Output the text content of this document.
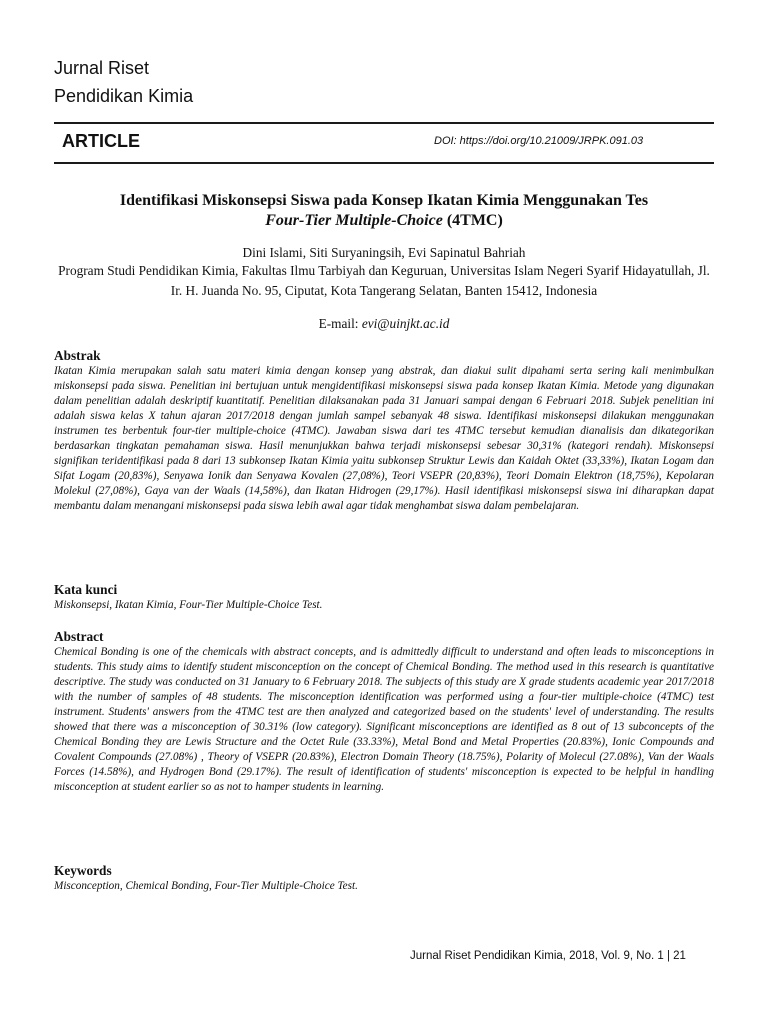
Jurnal Riset
Pendidikan Kimia
ARTICLE	DOI: https://doi.org/10.21009/JRPK.091.03
Identifikasi Miskonsepsi Siswa pada Konsep Ikatan Kimia Menggunakan Tes
Four-Tier Multiple-Choice (4TMC)
Dini Islami, Siti Suryaningsih, Evi Sapinatul Bahriah
Program Studi Pendidikan Kimia, Fakultas Ilmu Tarbiyah dan Keguruan, Universitas Islam Negeri Syarif Hidayatullah, Jl. Ir. H. Juanda No. 95, Ciputat, Kota Tangerang Selatan, Banten 15412, Indonesia
E-mail: evi@uinjkt.ac.id
Abstrak

Ikatan Kimia merupakan salah satu materi kimia dengan konsep yang abstrak, dan diakui sulit dipahami serta sering kali menimbulkan miskonsepsi pada siswa. Penelitian ini bertujuan untuk mengidentifikasi miskonsepsi siswa pada konsep Ikatan Kimia. Metode yang digunakan dalam penelitian adalah deskriptif kuantitatif. Penelitian dilaksanakan pada 31 Januari sampai dengan 6 Februari 2018. Subjek penelitian ini adalah siswa kelas X tahun ajaran 2017/2018 dengan jumlah sampel sebanyak 48 siswa. Identifikasi miskonsepsi dilakukan menggunakan instrumen tes berbentuk four-tier multiple-choice (4TMC). Jawaban siswa dari tes 4TMC tersebut kemudian dianalisis dan dikategorikan berdasarkan tingkatan pemahaman siswa. Hasil menunjukkan bahwa terjadi miskonsepsi sebesar 30,31% (kategori rendah). Miskonsepsi signifikan teridentifikasi pada 8 dari 13 subkonsep Ikatan Kimia yaitu subkonsep Struktur Lewis dan Kaidah Oktet (33,33%), Ikatan Logam dan Sifat Logam (20,83%), Senyawa Ionik dan Senyawa Kovalen (27,08%), Teori VSEPR (20,83%), Teori Domain Elektron (18,75%), Kepolaran Molekul (27,08%), Gaya van der Waals (14,58%), dan Ikatan Hidrogen (29,17%). Hasil identifikasi miskonsepsi siswa ini diharapkan dapat membantu dalam menangani miskonsepsi pada siswa lebih awal agar tidak menghambat siswa dalam pembelajaran.

Kata kunci

Miskonsepsi, Ikatan Kimia, Four-Tier Multiple-Choice Test.

Abstract

Chemical Bonding is one of the chemicals with abstract concepts, and is admittedly difficult to understand and often leads to misconceptions in students. This study aims to identify student misconception on the concept of Chemical Bonding. The method used in this research is quantitative descriptive. The study was conducted on 31 January to 6 February 2018. The subjects of this study are X grade students academic year 2017/2018 with the number of samples of 48 students. The misconception identification was performed using a four-tier multiple-choice (4TMC) test instrument. Students' answers from the 4TMC test are then analyzed and categorized based on the students' level of understanding. The results showed that there was a misconception of 30.31% (low category). Significant misconceptions are identified as 8 out of 13 subconcepts of the Chemical Bonding they are Lewis Structure and the Octet Rule (33.33%), Metal Bond and Metal Properties (20.83%), Ionic Compounds and Covalent Compounds (27.08%) , Theory of VSEPR (20.83%), Electron Domain Theory (18.75%), Polarity of Molecul (27.08%), Van der Waals Forces (14.58%), and Hydrogen Bond (29.17%). The result of identification of students' misconception is expected to be helpful in handling misconception at student earlier so as not to hamper students in learning.

Keywords

Misconception, Chemical Bonding, Four-Tier Multiple-Choice Test.

Jurnal Riset Pendidikan Kimia, 2018, Vol. 9, No. 1 | 21
